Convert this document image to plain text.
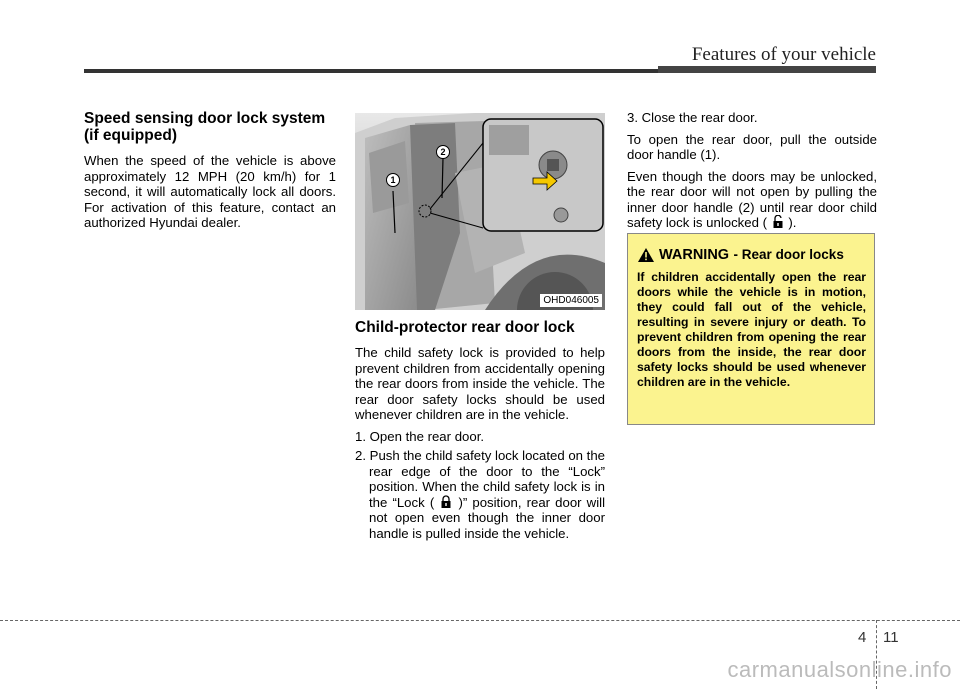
Features of your vehicle
Speed sensing door lock system
(if equipped)

When the speed of the vehicle is above approximately 12 MPH (20 km/h) for 1 second, it will automatically lock all doors. For activation of this feature, contact an authorized Hyundai dealer.

1
2
OHD046005
Child-protector rear door lock

The child safety lock is provided to help prevent children from accidentally opening the rear doors from inside the vehicle. The rear door safety locks should be used whenever children are in the vehicle.

1. Open the rear door.
2. Push the child safety lock located on the rear edge of the door to the “Lock” position. When the child safety lock is in the “Lock ( )” position, rear door will not open even though the inner door handle is pulled inside the vehicle.

3. Close the rear door.

To open the rear door, pull the outside door handle (1).

Even though the doors may be unlocked, the rear door will not open by pulling the inner door handle (2) until rear door child safety lock is unlocked ( ).

WARNING - Rear door locks

If children accidentally open the rear doors while the vehicle is in motion, they could fall out of the vehicle, resulting in severe injury or death. To prevent children from opening the rear doors from the inside, the rear door safety locks should be used whenever children are in the vehicle.

4 11
carmanualsonline.info
